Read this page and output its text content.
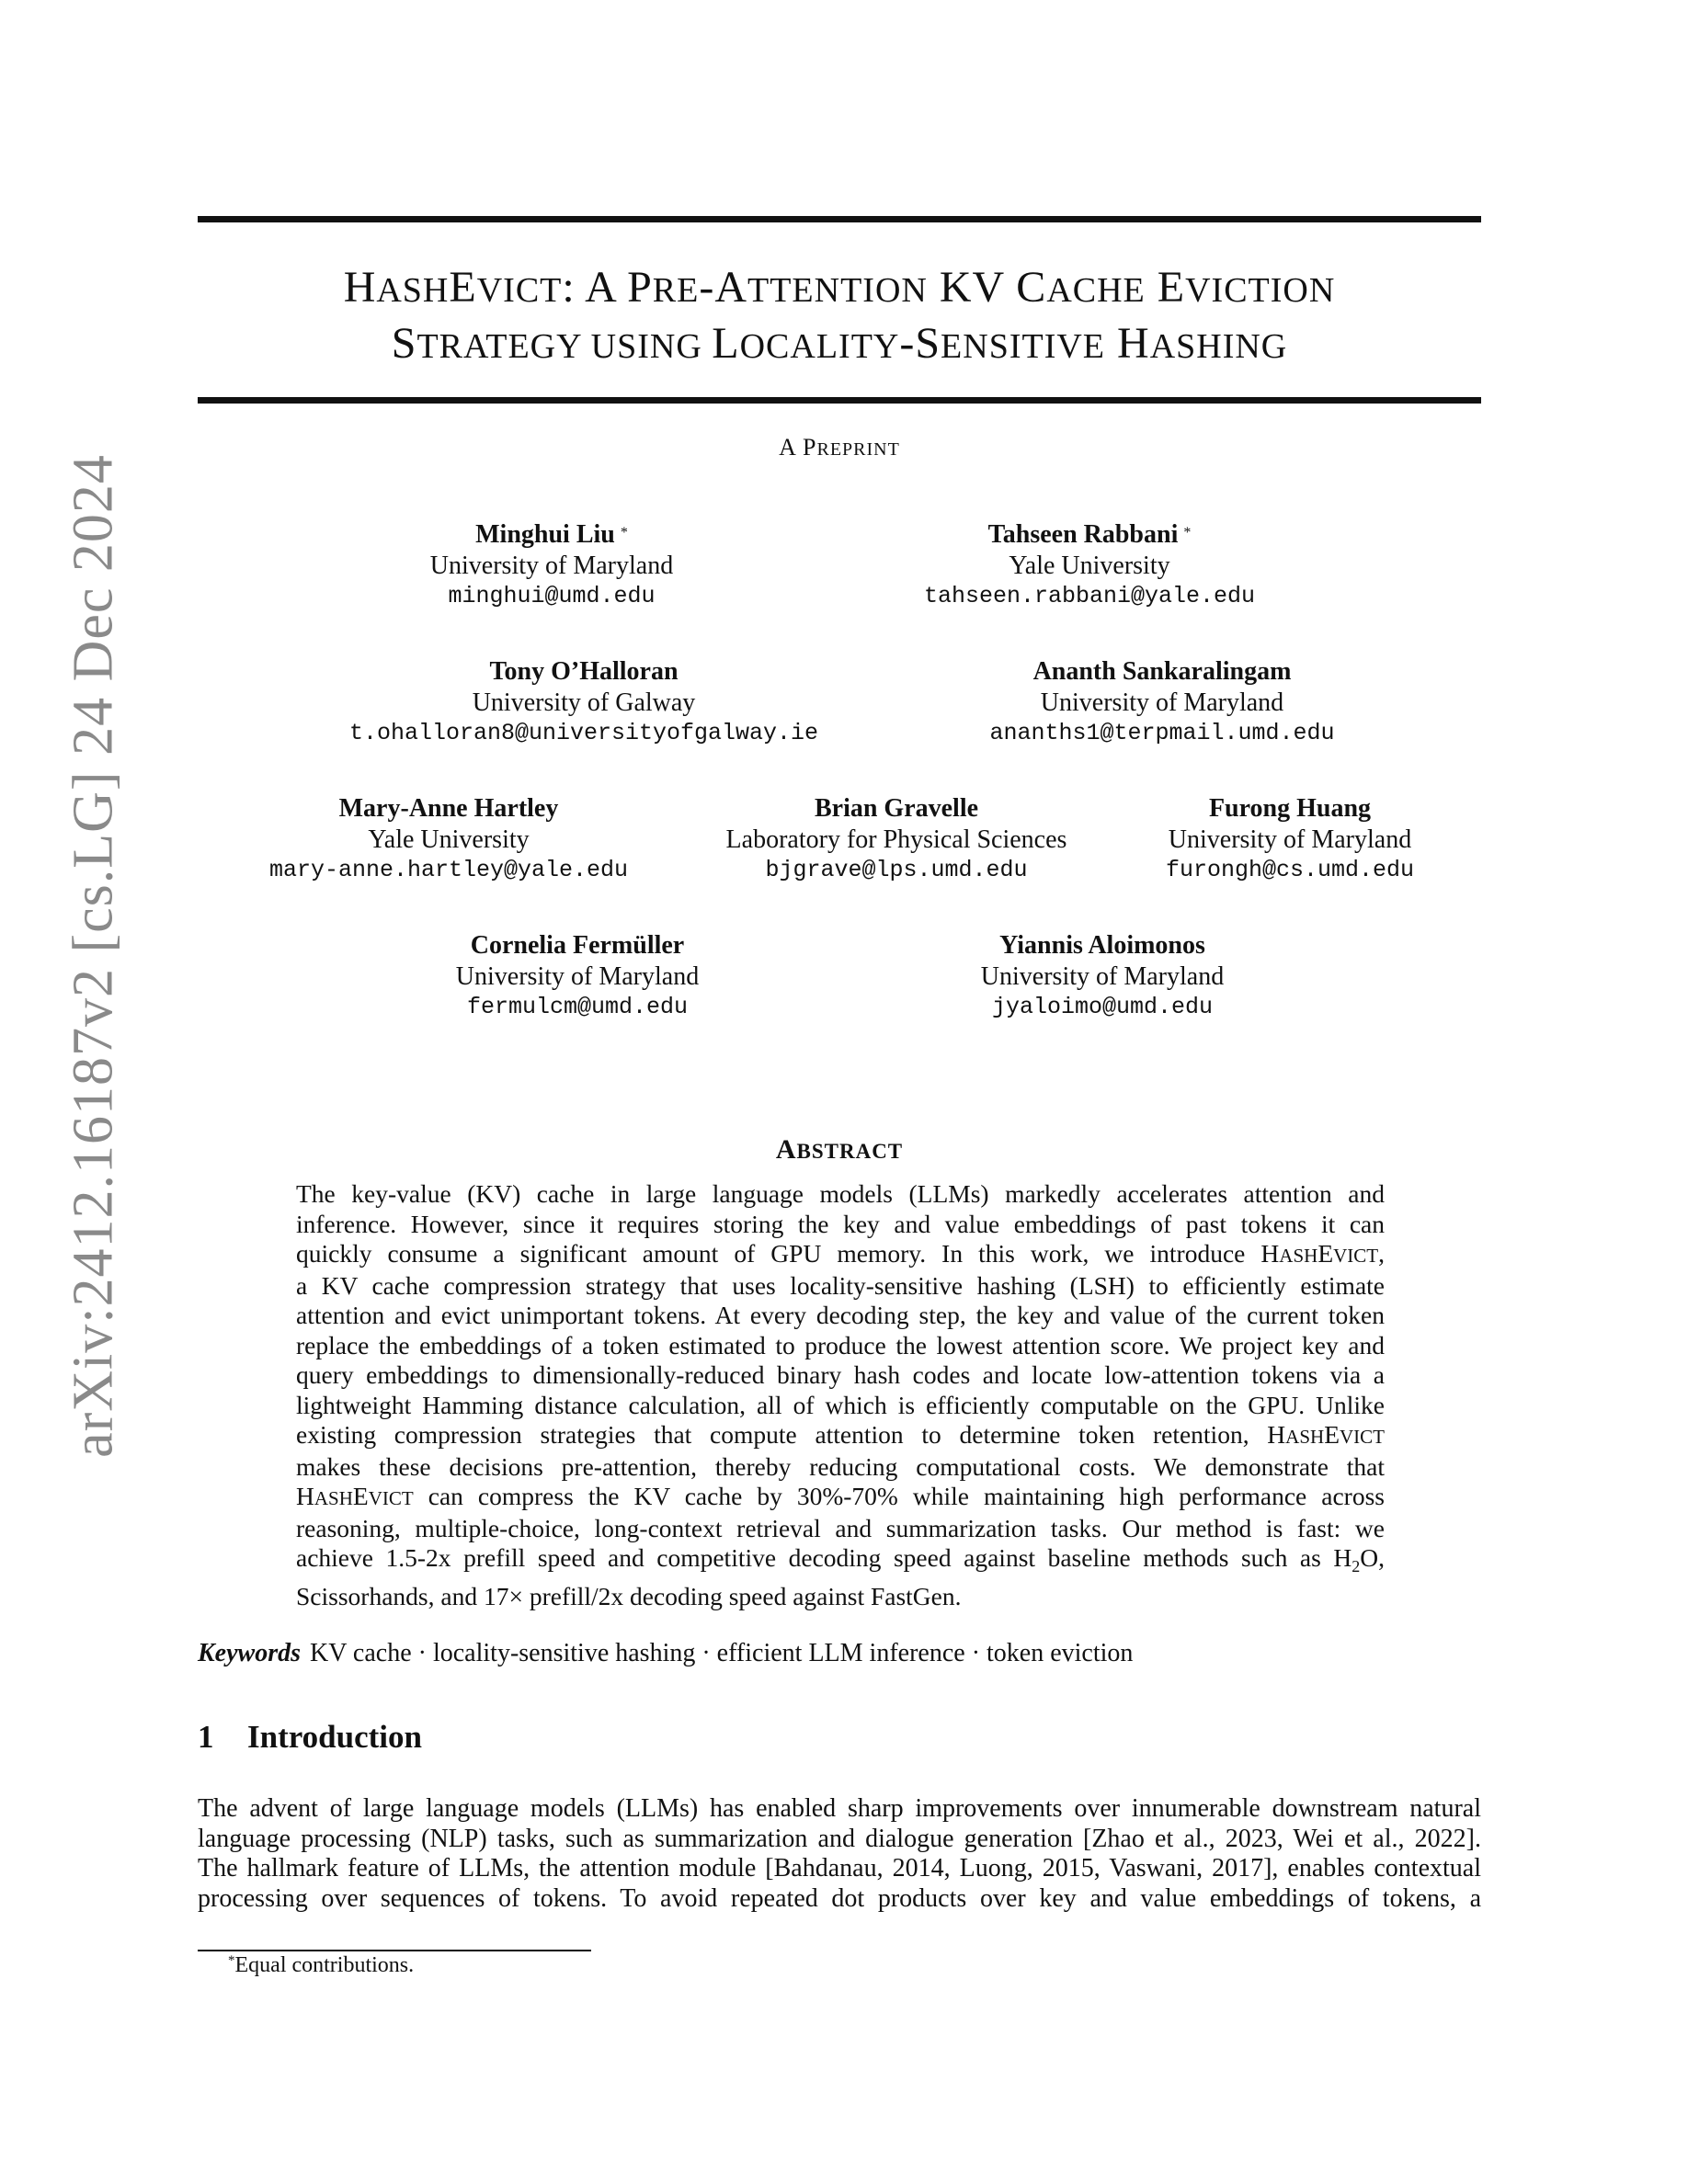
arXiv:2412.16187v2 [cs.LG] 24 Dec 2024
HASHEVICT: A PRE-ATTENTION KV CACHE EVICTION
STRATEGY USING LOCALITY-SENSITIVE HASHING
A PREPRINT
Minghui Liu *
University of Maryland
minghui@umd.edu
Tahseen Rabbani *
Yale University
tahseen.rabbani@yale.edu
Tony O’Halloran
University of Galway
t.ohalloran8@universityofgalway.ie
Ananth Sankaralingam
University of Maryland
ananths1@terpmail.umd.edu
Mary-Anne Hartley
Yale University
mary-anne.hartley@yale.edu
Brian Gravelle
Laboratory for Physical Sciences
bjgrave@lps.umd.edu
Furong Huang
University of Maryland
furongh@cs.umd.edu
Cornelia Fermüller
University of Maryland
fermulcm@umd.edu
Yiannis Aloimonos
University of Maryland
jyaloimo@umd.edu
ABSTRACT
The key-value (KV) cache in large language models (LLMs) markedly accelerates attention and
inference. However, since it requires storing the key and value embeddings of past tokens it can
quickly consume a significant amount of GPU memory. In this work, we introduce HASHEVICT,
a KV cache compression strategy that uses locality-sensitive hashing (LSH) to efficiently estimate
attention and evict unimportant tokens. At every decoding step, the key and value of the current token
replace the embeddings of a token estimated to produce the lowest attention score. We project key and
query embeddings to dimensionally-reduced binary hash codes and locate low-attention tokens via a
lightweight Hamming distance calculation, all of which is efficiently computable on the GPU. Unlike
existing compression strategies that compute attention to determine token retention, HASHEVICT
makes these decisions pre-attention, thereby reducing computational costs. We demonstrate that
HASHEVICT can compress the KV cache by 30%-70% while maintaining high performance across
reasoning, multiple-choice, long-context retrieval and summarization tasks. Our method is fast: we
achieve 1.5-2x prefill speed and competitive decoding speed against baseline methods such as $H_2O$,
Scissorhands, and 17× prefill/2x decoding speed against FastGen.
Keywords KV cache · locality-sensitive hashing · efficient LLM inference · token eviction
1 Introduction
The advent of large language models (LLMs) has enabled sharp improvements over innumerable downstream natural
language processing (NLP) tasks, such as summarization and dialogue generation [Zhao et al., 2023, Wei et al., 2022].
The hallmark feature of LLMs, the attention module [Bahdanau, 2014, Luong, 2015, Vaswani, 2017], enables contextual
processing over sequences of tokens. To avoid repeated dot products over key and value embeddings of tokens, a
*Equal contributions.
